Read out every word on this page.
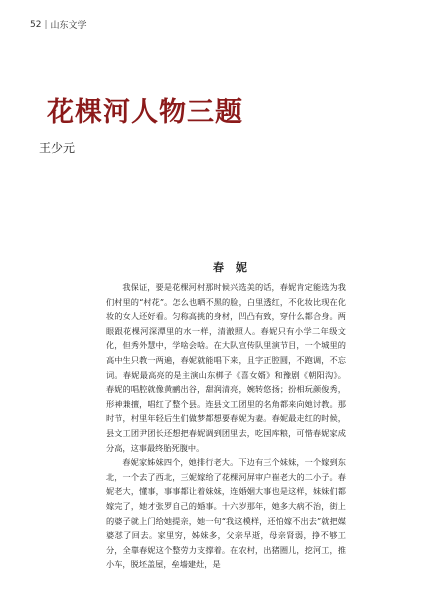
52 | 山东文学
花棵河人物三题
王少元
春 妮

我保证，要是花棵河村那时候兴选美的话，春妮肯定能选为我们村里的“村花”。怎么也晒不黑的脸，白里透红，不化妆比现在化妆的女人还好看。匀称高挑的身材，凹凸有致，穿什么都合身。两眼跟花棵河深潭里的水一样，清澈照人。春妮只有小学二年级文化，但秀外慧中，学啥会啥。在大队宣传队里演节目，一个城里的高中生只教一两遍，春妮就能唱下来，且字正腔圆，不跑调，不忘词。春妮最高亮的是主演山东梆子《喜女婿》和豫剧《朝阳沟》。春妮的唱腔就像黄鹂出谷，甜润清亮，婉转悠扬；扮相玩颜俊秀，形神兼擅，唱红了整个县。连县文工团里的名角都来向她讨教。那时节，村里年轻后生们做梦都想要春妮为妻。春妮最走红的时候，县文工团尹团长还想把春妮调到团里去，吃国库粮，可惜春妮家成分高，这事最终胎死腹中。

春妮家姊妹四个，她排行老大。下边有三个妹妹，一个嫁到东北，一个去了西北，三妮嫁给了花棵河屏审户崔老大的二小子。春妮老大，懂事，事事都让着妹妹，连婚姻大事也是这样，妹妹们都嫁完了，她才张罗自己的婚事。十六岁那年，她多大病不治，街上的婆子就上门给她提亲，她一句“我这模样，还怕嫁不出去”就把媒婆怼了回去。家里穷，姊妹多，父亲早逝，母亲肾弱，挣不够工分，全靠春妮这个整劳力支撑着。在农村，出猪圈儿，挖河工，推小车，脱坯盖屋，垒墙建灶，是
